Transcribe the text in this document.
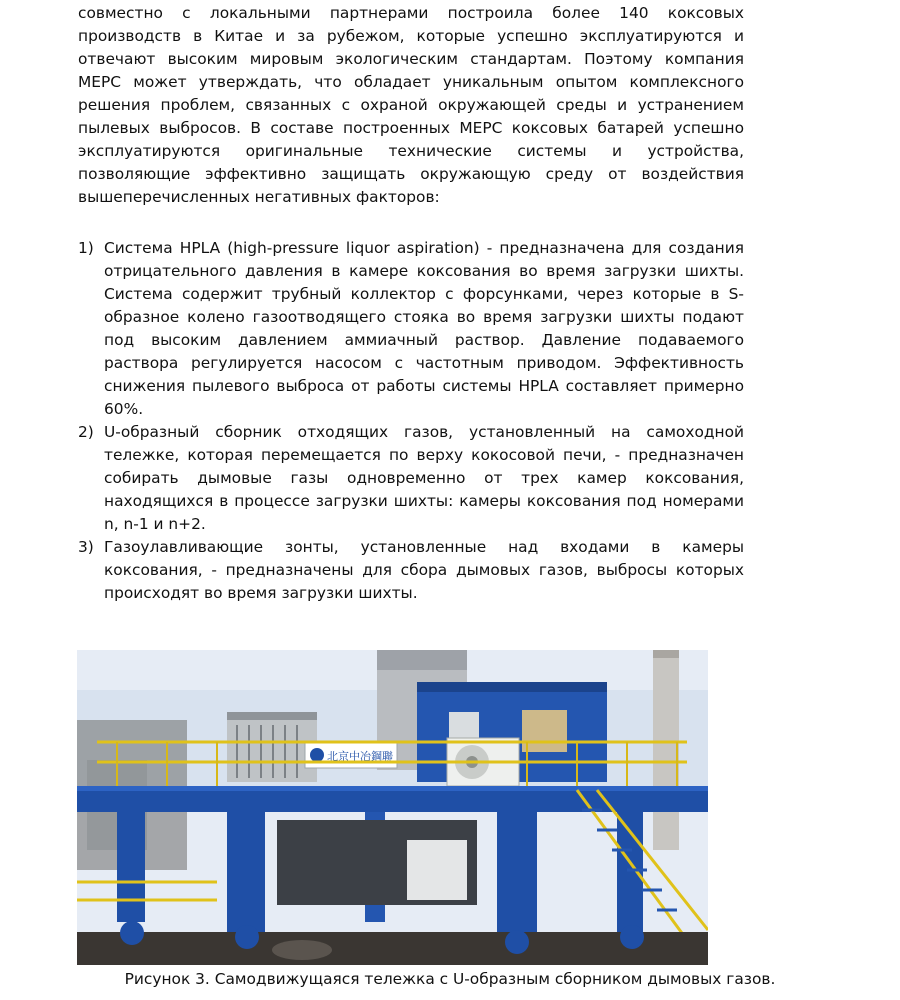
совместно с локальными партнерами построила более 140 коксовых производств в Китае и за рубежом, которые успешно эксплуатируются и отвечают высоким мировым экологическим стандартам. Поэтому компания МЕРС может утверждать, что обладает уникальным опытом комплексного решения проблем, связанных с охраной окружающей среды и устранением пылевых выбросов. В составе построенных МЕРС коксовых батарей успешно эксплуатируются оригинальные технические системы и устройства, позволяющие эффективно защищать окружающую среду от воздействия вышеперечисленных негативных факторов:

1) Система HPLA (high-pressure liquor aspiration) - предназначена для создания отрицательного давления в камере коксования во время загрузки шихты. Система содержит трубный коллектор с форсунками, через которые в S-образное колено газоотводящего стояка во время загрузки шихты подают под высоким давлением аммиачный раствор. Давление подаваемого раствора регулируется насосом с частотным приводом. Эффективность снижения пылевого выброса от работы системы HPLA составляет примерно 60%.
2) U-образный сборник отходящих газов, установленный на самоходной тележке, которая перемещается по верху кокосовой печи, - предназначен собирать дымовые газы одновременно от трех камер коксования, находящихся в процессе загрузки шихты: камеры коксования под номерами n, n-1 и n+2.
3) Газоулавливающие зонты, установленные над входами в камеры коксования, - предназначены для сбора дымовых газов, выбросы которых происходят во время загрузки шихты.
北京中冶鋼聯
Рисунок 3. Самодвижущаяся тележка с U-образным сборником дымовых газов.
